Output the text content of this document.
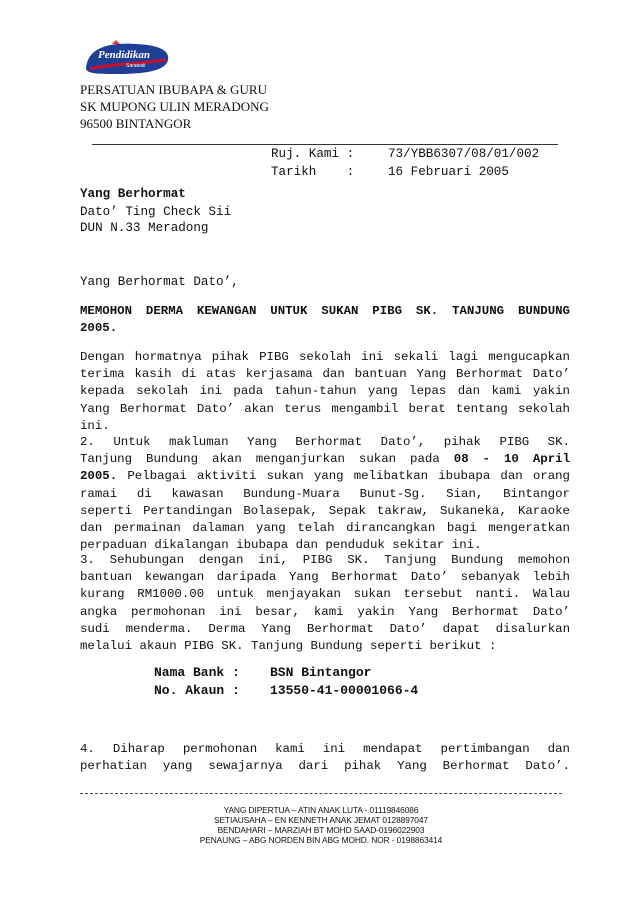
Pendidikan
Sarawak
PERSATUAN IBUBAPA & GURU
SK MUPONG ULIN MERADONG
96500 BINTANGOR
Ruj. Kami :	73/YBB6307/08/01/002
Tarikh    :	16 Februari 2005
Yang Berhormat
Dato’ Ting Check Sii
DUN N.33 Meradong
Yang Berhormat Dato’,
MEMOHON DERMA KEWANGAN UNTUK SUKAN PIBG SK. TANJUNG BUNDUNG
2005.
Dengan hormatnya pihak PIBG sekolah ini sekali lagi mengucapkan
terima kasih di atas kerjasama dan bantuan Yang Berhormat Dato’
kepada sekolah ini pada tahun-tahun yang lepas dan kami yakin
Yang Berhormat Dato’ akan terus mengambil berat tentang sekolah
ini.
2. Untuk makluman Yang Berhormat Dato’, pihak PIBG SK.
Tanjung Bundung akan menganjurkan sukan pada 08 - 10 April
2005. Pelbagai aktiviti sukan yang melibatkan ibubapa dan orang
ramai di kawasan Bundung-Muara Bunut-Sg. Sian, Bintangor
seperti Pertandingan Bolasepak, Sepak takraw, Sukaneka, Karaoke
dan permainan dalaman yang telah dirancangkan bagi mengeratkan
perpaduan dikalangan ibubapa dan penduduk sekitar ini.
3. Sehubungan dengan ini, PIBG SK. Tanjung Bundung memohon
bantuan kewangan daripada Yang Berhormat Dato’ sebanyak lebih
kurang RM1000.00 untuk menjayakan sukan tersebut nanti. Walau
angka permohonan ini besar, kami yakin Yang Berhormat Dato’
sudi menderma. Derma Yang Berhormat Dato’ dapat disalurkan
melalui akaun PIBG SK. Tanjung Bundung seperti berikut :
Nama Bank : BSN Bintangor
No. Akaun : 13550-41-00001066-4
4. Diharap permohonan kami ini mendapat pertimbangan dan
perhatian yang sewajarnya dari pihak Yang Berhormat Dato’.
YANG DIPERTUA – ATIN ANAK LUTA - 01119846086
SETIAUSAHA – EN KENNETH ANAK JEMAT 0128897047
BENDAHARI – MARZIAH BT MOHD SAAD-0196022903
PENAUNG – ABG NORDEN BIN ABG MOHD. NOR - 0198863414
